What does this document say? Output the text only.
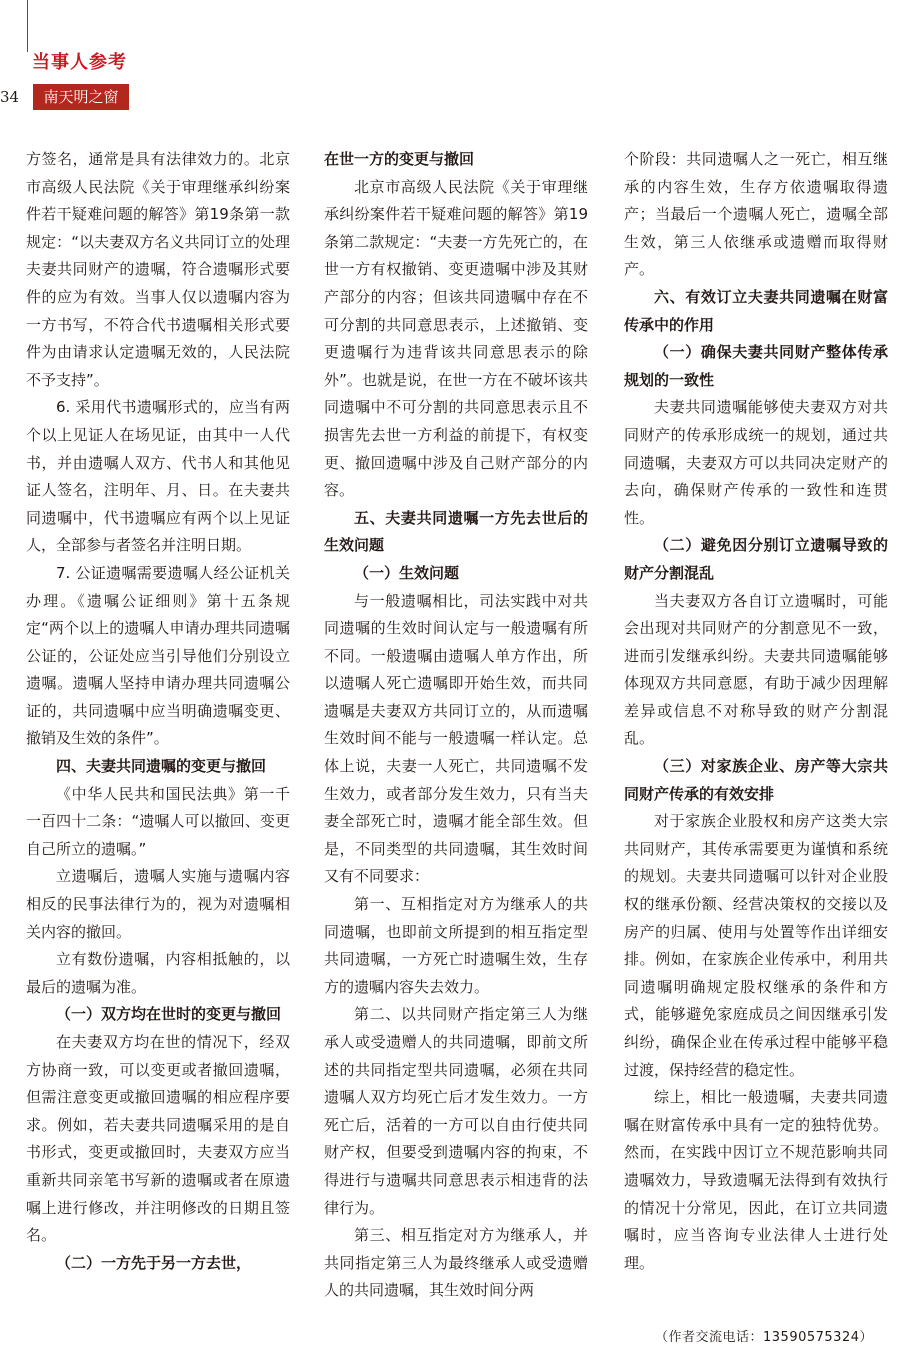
当事人参考
34	南天明之窗

方签名，通常是具有法律效力的。北京市高级人民法院《关于审理继承纠纷案件若干疑难问题的解答》第19条第一款规定：“以夫妻双方名义共同订立的处理夫妻共同财产的遗嘱，符合遗嘱形式要件的应为有效。当事人仅以遗嘱内容为一方书写，不符合代书遗嘱相关形式要件为由请求认定遗嘱无效的，人民法院不予支持”。

6. 采用代书遗嘱形式的，应当有两个以上见证人在场见证，由其中一人代书，并由遗嘱人双方、代书人和其他见证人签名，注明年、月、日。在夫妻共同遗嘱中，代书遗嘱应有两个以上见证人，全部参与者签名并注明日期。

7. 公证遗嘱需要遗嘱人经公证机关办理。《遗嘱公证细则》第十五条规定“两个以上的遗嘱人申请办理共同遗嘱公证的，公证处应当引导他们分别设立遗嘱。遗嘱人坚持申请办理共同遗嘱公证的，共同遗嘱中应当明确遗嘱变更、撤销及生效的条件”。

四、夫妻共同遗嘱的变更与撤回

《中华人民共和国民法典》第一千一百四十二条：“遗嘱人可以撤回、变更自己所立的遗嘱。”

立遗嘱后，遗嘱人实施与遗嘱内容相反的民事法律行为的，视为对遗嘱相关内容的撤回。

立有数份遗嘱，内容相抵触的，以最后的遗嘱为准。

（一）双方均在世时的变更与撤回

在夫妻双方均在世的情况下，经双方协商一致，可以变更或者撤回遗嘱，但需注意变更或撤回遗嘱的相应程序要求。例如，若夫妻共同遗嘱采用的是自书形式，变更或撤回时，夫妻双方应当重新共同亲笔书写新的遗嘱或者在原遗嘱上进行修改，并注明修改的日期且签名。

（二）一方先于另一方去世，

在世一方的变更与撤回

北京市高级人民法院《关于审理继承纠纷案件若干疑难问题的解答》第19条第二款规定：“夫妻一方先死亡的，在世一方有权撤销、变更遗嘱中涉及其财产部分的内容；但该共同遗嘱中存在不可分割的共同意思表示，上述撤销、变更遗嘱行为违背该共同意思表示的除外”。也就是说，在世一方在不破坏该共同遗嘱中不可分割的共同意思表示且不损害先去世一方利益的前提下，有权变更、撤回遗嘱中涉及自己财产部分的内容。

五、夫妻共同遗嘱一方先去世后的生效问题

（一）生效问题

与一般遗嘱相比，司法实践中对共同遗嘱的生效时间认定与一般遗嘱有所不同。一般遗嘱由遗嘱人单方作出，所以遗嘱人死亡遗嘱即开始生效，而共同遗嘱是夫妻双方共同订立的，从而遗嘱生效时间不能与一般遗嘱一样认定。总体上说，夫妻一人死亡，共同遗嘱不发生效力，或者部分发生效力，只有当夫妻全部死亡时，遗嘱才能全部生效。但是，不同类型的共同遗嘱，其生效时间又有不同要求：

第一、互相指定对方为继承人的共同遗嘱，也即前文所提到的相互指定型共同遗嘱，一方死亡时遗嘱生效，生存方的遗嘱内容失去效力。

第二、以共同财产指定第三人为继承人或受遗赠人的共同遗嘱，即前文所述的共同指定型共同遗嘱，必须在共同遗嘱人双方均死亡后才发生效力。一方死亡后，活着的一方可以自由行使共同财产权，但要受到遗嘱内容的拘束，不得进行与遗嘱共同意思表示相违背的法律行为。

第三、相互指定对方为继承人，并共同指定第三人为最终继承人或受遗赠人的共同遗嘱，其生效时间分两

个阶段：共同遗嘱人之一死亡，相互继承的内容生效，生存方依遗嘱取得遗产；当最后一个遗嘱人死亡，遗嘱全部生效，第三人依继承或遗赠而取得财产。

六、有效订立夫妻共同遗嘱在财富传承中的作用

（一）确保夫妻共同财产整体传承规划的一致性

夫妻共同遗嘱能够使夫妻双方对共同财产的传承形成统一的规划，通过共同遗嘱，夫妻双方可以共同决定财产的去向，确保财产传承的一致性和连贯性。

（二）避免因分别订立遗嘱导致的财产分割混乱

当夫妻双方各自订立遗嘱时，可能会出现对共同财产的分割意见不一致，进而引发继承纠纷。夫妻共同遗嘱能够体现双方共同意愿，有助于减少因理解差异或信息不对称导致的财产分割混乱。

（三）对家族企业、房产等大宗共同财产传承的有效安排

对于家族企业股权和房产这类大宗共同财产，其传承需要更为谨慎和系统的规划。夫妻共同遗嘱可以针对企业股权的继承份额、经营决策权的交接以及房产的归属、使用与处置等作出详细安排。例如，在家族企业传承中，利用共同遗嘱明确规定股权继承的条件和方式，能够避免家庭成员之间因继承引发纠纷，确保企业在传承过程中能够平稳过渡，保持经营的稳定性。

综上，相比一般遗嘱，夫妻共同遗嘱在财富传承中具有一定的独特优势。然而，在实践中因订立不规范影响共同遗嘱效力，导致遗嘱无法得到有效执行的情况十分常见，因此，在订立共同遗嘱时，应当咨询专业法律人士进行处理。

（作者交流电话：13590575324）
